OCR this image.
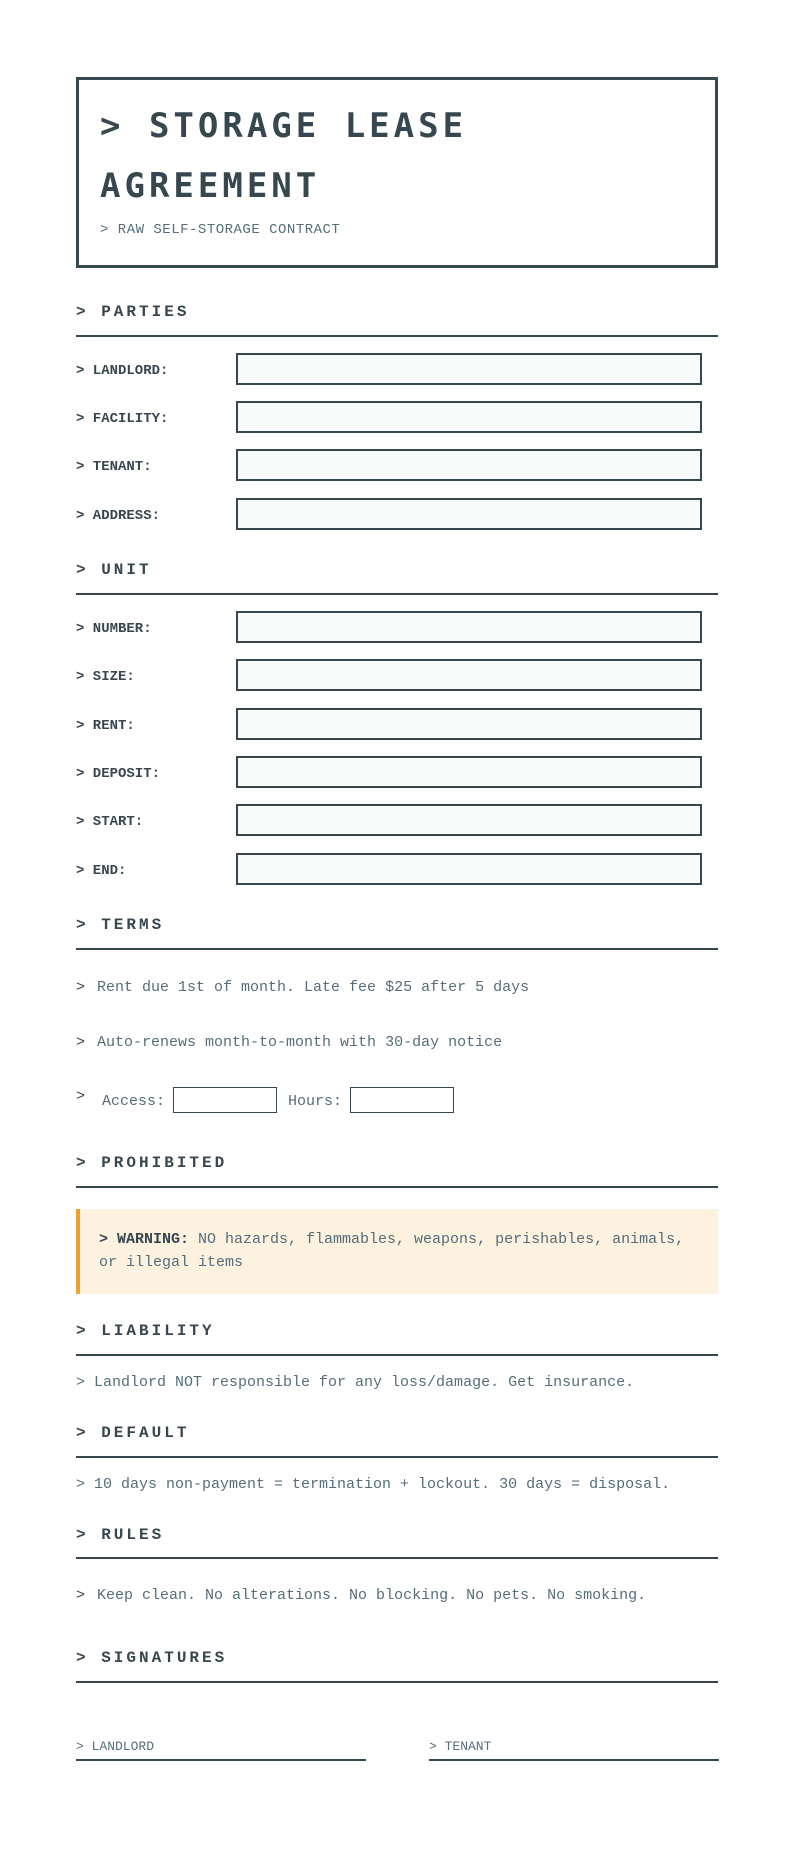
> STORAGE LEASE
AGREEMENT
> RAW SELF-STORAGE CONTRACT
> PARTIES
> LANDLORD:
> FACILITY:
> TENANT:
> ADDRESS:
> UNIT
> NUMBER:
> SIZE:
> RENT:
> DEPOSIT:
> START:
> END:
> TERMS
> Rent due 1st of month. Late fee $25 after 5 days
> Auto-renews month-to-month with 30-day notice
>	Access:	Hours:
> PROHIBITED
> WARNING: NO hazards, flammables, weapons, perishables, animals, or illegal items
> LIABILITY
> Landlord NOT responsible for any loss/damage. Get insurance.
> DEFAULT
> 10 days non-payment = termination + lockout. 30 days = disposal.
> RULES
> Keep clean. No alterations. No blocking. No pets. No smoking.
> SIGNATURES
> LANDLORD	> TENANT
